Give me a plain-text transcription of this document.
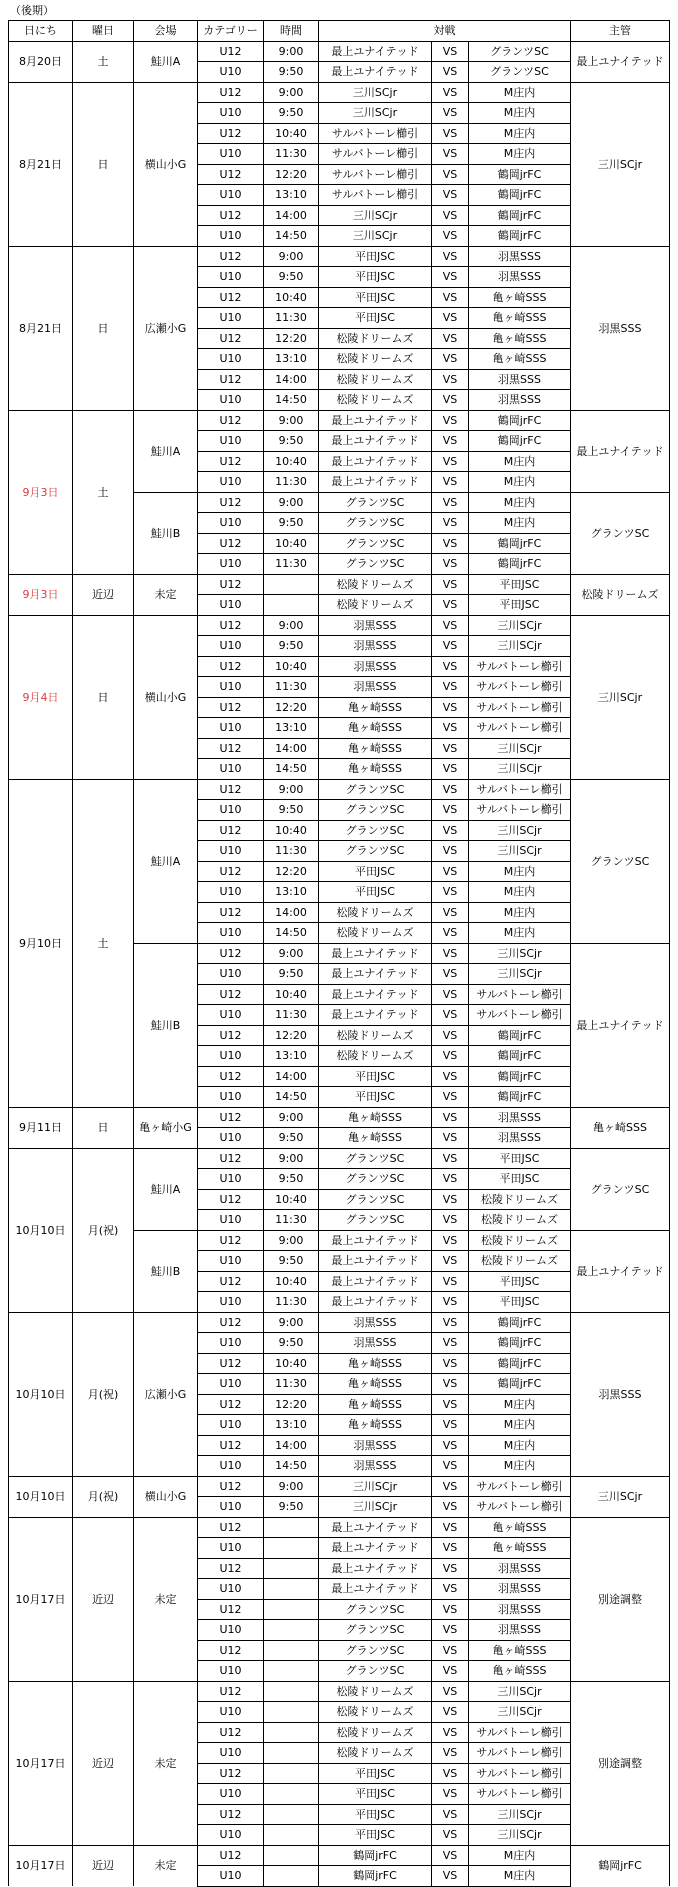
（後期）
日にち	曜日	会場	カテゴリー	時間	対戦			主管
8月20日	土	鮭川A	U12	9:00	最上ユナイテッド	VS	グランツSC	最上ユナイテッド
			U10	9:50	最上ユナイテッド	VS	グランツSC	
8月21日	日	横山小G	U12	9:00	三川SCjr	VS	M庄内	三川SCjr
			U10	9:50	三川SCjr	VS	M庄内	
			U12	10:40	サルバトーレ櫛引	VS	M庄内	
			U10	11:30	サルバトーレ櫛引	VS	M庄内	
			U12	12:20	サルバトーレ櫛引	VS	鶴岡jrFC	
			U10	13:10	サルバトーレ櫛引	VS	鶴岡jrFC	
			U12	14:00	三川SCjr	VS	鶴岡jrFC	
			U10	14:50	三川SCjr	VS	鶴岡jrFC	
8月21日	日	広瀬小G	U12	9:00	平田JSC	VS	羽黒SSS	羽黒SSS
			U10	9:50	平田JSC	VS	羽黒SSS	
			U12	10:40	平田JSC	VS	亀ヶ崎SSS	
			U10	11:30	平田JSC	VS	亀ヶ崎SSS	
			U12	12:20	松陵ドリームズ	VS	亀ヶ崎SSS	
			U10	13:10	松陵ドリームズ	VS	亀ヶ崎SSS	
			U12	14:00	松陵ドリームズ	VS	羽黒SSS	
			U10	14:50	松陵ドリームズ	VS	羽黒SSS	
9月3日	土	鮭川A	U12	9:00	最上ユナイテッド	VS	鶴岡jrFC	最上ユナイテッド
			U10	9:50	最上ユナイテッド	VS	鶴岡jrFC	
			U12	10:40	最上ユナイテッド	VS	M庄内	
			U10	11:30	最上ユナイテッド	VS	M庄内	
		鮭川B	U12	9:00	グランツSC	VS	M庄内	グランツSC
			U10	9:50	グランツSC	VS	M庄内	
			U12	10:40	グランツSC	VS	鶴岡jrFC	
			U10	11:30	グランツSC	VS	鶴岡jrFC	
9月3日	近辺	未定	U12		松陵ドリームズ	VS	平田JSC	松陵ドリームズ
			U10		松陵ドリームズ	VS	平田JSC	
9月4日	日	横山小G	U12	9:00	羽黒SSS	VS	三川SCjr	三川SCjr
			U10	9:50	羽黒SSS	VS	三川SCjr	
			U12	10:40	羽黒SSS	VS	サルバトーレ櫛引	
			U10	11:30	羽黒SSS	VS	サルバトーレ櫛引	
			U12	12:20	亀ヶ崎SSS	VS	サルバトーレ櫛引	
			U10	13:10	亀ヶ崎SSS	VS	サルバトーレ櫛引	
			U12	14:00	亀ヶ崎SSS	VS	三川SCjr	
			U10	14:50	亀ヶ崎SSS	VS	三川SCjr	
9月10日	土	鮭川A	U12	9:00	グランツSC	VS	サルバトーレ櫛引	グランツSC
			U10	9:50	グランツSC	VS	サルバトーレ櫛引	
			U12	10:40	グランツSC	VS	三川SCjr	
			U10	11:30	グランツSC	VS	三川SCjr	
			U12	12:20	平田JSC	VS	M庄内	
			U10	13:10	平田JSC	VS	M庄内	
			U12	14:00	松陵ドリームズ	VS	M庄内	
			U10	14:50	松陵ドリームズ	VS	M庄内	
		鮭川B	U12	9:00	最上ユナイテッド	VS	三川SCjr	最上ユナイテッド
			U10	9:50	最上ユナイテッド	VS	三川SCjr	
			U12	10:40	最上ユナイテッド	VS	サルバトーレ櫛引	
			U10	11:30	最上ユナイテッド	VS	サルバトーレ櫛引	
			U12	12:20	松陵ドリームズ	VS	鶴岡jrFC	
			U10	13:10	松陵ドリームズ	VS	鶴岡jrFC	
			U12	14:00	平田JSC	VS	鶴岡jrFC	
			U10	14:50	平田JSC	VS	鶴岡jrFC	
9月11日	日	亀ヶ崎小G	U12	9:00	亀ヶ崎SSS	VS	羽黒SSS	亀ヶ崎SSS
			U10	9:50	亀ヶ崎SSS	VS	羽黒SSS	
10月10日	月(祝)	鮭川A	U12	9:00	グランツSC	VS	平田JSC	グランツSC
			U10	9:50	グランツSC	VS	平田JSC	
			U12	10:40	グランツSC	VS	松陵ドリームズ	
			U10	11:30	グランツSC	VS	松陵ドリームズ	
		鮭川B	U12	9:00	最上ユナイテッド	VS	松陵ドリームズ	最上ユナイテッド
			U10	9:50	最上ユナイテッド	VS	松陵ドリームズ	
			U12	10:40	最上ユナイテッド	VS	平田JSC	
			U10	11:30	最上ユナイテッド	VS	平田JSC	
10月10日	月(祝)	広瀬小G	U12	9:00	羽黒SSS	VS	鶴岡jrFC	羽黒SSS
			U10	9:50	羽黒SSS	VS	鶴岡jrFC	
			U12	10:40	亀ヶ崎SSS	VS	鶴岡jrFC	
			U10	11:30	亀ヶ崎SSS	VS	鶴岡jrFC	
			U12	12:20	亀ヶ崎SSS	VS	M庄内	
			U10	13:10	亀ヶ崎SSS	VS	M庄内	
			U12	14:00	羽黒SSS	VS	M庄内	
			U10	14:50	羽黒SSS	VS	M庄内	
10月10日	月(祝)	横山小G	U12	9:00	三川SCjr	VS	サルバトーレ櫛引	三川SCjr
			U10	9:50	三川SCjr	VS	サルバトーレ櫛引	
10月17日	近辺	未定	U12		最上ユナイテッド	VS	亀ヶ崎SSS	別途調整
			U10		最上ユナイテッド	VS	亀ヶ崎SSS	
			U12		最上ユナイテッド	VS	羽黒SSS	
			U10		最上ユナイテッド	VS	羽黒SSS	
			U12		グランツSC	VS	羽黒SSS	
			U10		グランツSC	VS	羽黒SSS	
			U12		グランツSC	VS	亀ヶ崎SSS	
			U10		グランツSC	VS	亀ヶ崎SSS	
10月17日	近辺	未定	U12		松陵ドリームズ	VS	三川SCjr	別途調整
			U10		松陵ドリームズ	VS	三川SCjr	
			U12		松陵ドリームズ	VS	サルバトーレ櫛引	
			U10		松陵ドリームズ	VS	サルバトーレ櫛引	
			U12		平田JSC	VS	サルバトーレ櫛引	
			U10		平田JSC	VS	サルバトーレ櫛引	
			U12		平田JSC	VS	三川SCjr	
			U10		平田JSC	VS	三川SCjr	
10月17日	近辺	未定	U12		鶴岡jrFC	VS	M庄内	鶴岡jrFC
			U10		鶴岡jrFC	VS	M庄内	
